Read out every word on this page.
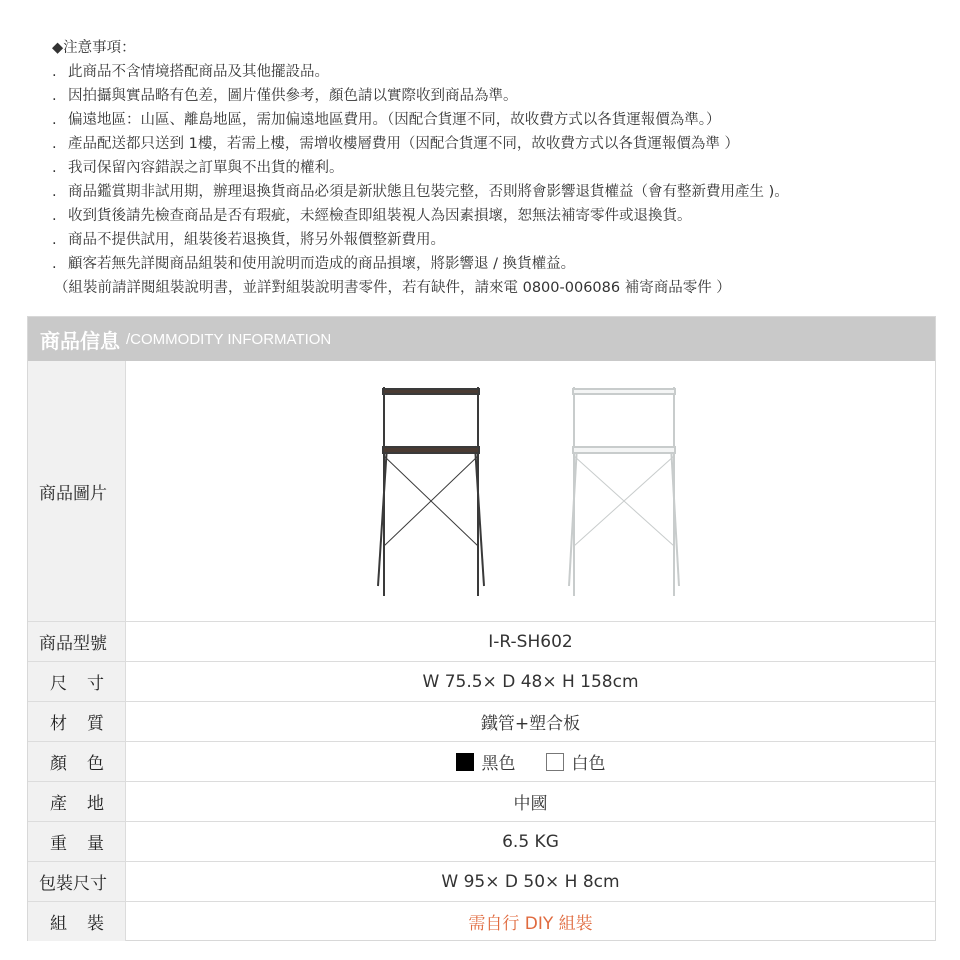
◆注意事項：
. 此商品不含情境搭配商品及其他擺設品。
. 因拍攝與實品略有色差，圖片僅供參考，顏色請以實際收到商品為準。
. 偏遠地區：山區、離島地區，需加偏遠地區費用。（因配合貨運不同，故收費方式以各貨運報價為準。）
. 產品配送都只送到 1樓，若需上樓，需增收樓層費用（因配合貨運不同，故收費方式以各貨運報價為準 ）
. 我司保留內容錯誤之訂單與不出貨的權利。
. 商品鑑賞期非試用期，辦理退換貨商品必須是新狀態且包裝完整，否則將會影響退貨權益（會有整新費用產生 )。
. 收到貨後請先檢查商品是否有瑕疵，未經檢查即組裝視人為因素損壞，恕無法補寄零件或退換貨。
. 商品不提供試用，組裝後若退換貨，將另外報價整新費用。
. 顧客若無先詳閱商品組裝和使用說明而造成的商品損壞，將影響退 / 換貨權益。
（組裝前請詳閱組裝說明書，並詳對組裝說明書零件，若有缺件，請來電 0800-006086 補寄商品零件 ）
商品信息 /COMMODITY INFORMATION
商品圖片
商品型號	I-R-SH602
尺	寸	W 75.5× D 48× H 158cm
材	質	鐵管+塑合板
顏	色	黑色	白色
產	地	中國
重	量	6.5 KG
包裝尺寸	W 95× D 50× H 8cm
組	裝	需自行 DIY 組裝
